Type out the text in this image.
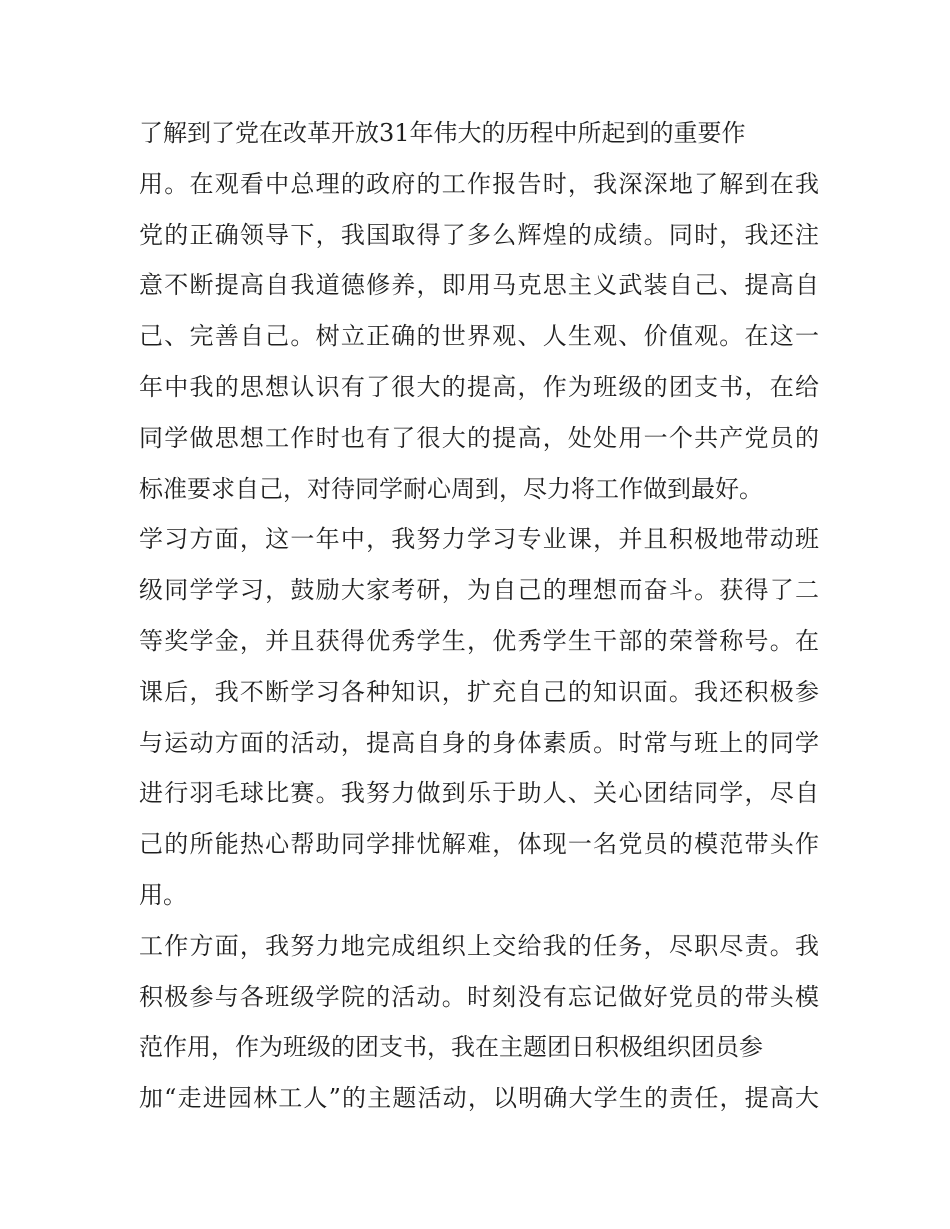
了解到了党在改革开放31年伟大的历程中所起到的重要作
用。在观看中总理的政府的工作报告时，我深深地了解到在我
党的正确领导下，我国取得了多么辉煌的成绩。同时，我还注
意不断提高自我道德修养，即用马克思主义武装自己、提高自
己、完善自己。树立正确的世界观、人生观、价值观。在这一
年中我的思想认识有了很大的提高，作为班级的团支书，在给
同学做思想工作时也有了很大的提高，处处用一个共产党员的
标准要求自己，对待同学耐心周到，尽力将工作做到最好。
学习方面，这一年中，我努力学习专业课，并且积极地带动班
级同学学习，鼓励大家考研，为自己的理想而奋斗。获得了二
等奖学金，并且获得优秀学生，优秀学生干部的荣誉称号。在
课后，我不断学习各种知识，扩充自己的知识面。我还积极参
与运动方面的活动，提高自身的身体素质。时常与班上的同学
进行羽毛球比赛。我努力做到乐于助人、关心团结同学，尽自
己的所能热心帮助同学排忧解难，体现一名党员的模范带头作
用。
工作方面，我努力地完成组织上交给我的任务，尽职尽责。我
积极参与各班级学院的活动。时刻没有忘记做好党员的带头模
范作用，作为班级的团支书，我在主题团日积极组织团员参
加“走进园林工人”的主题活动，以明确大学生的责任，提高大
